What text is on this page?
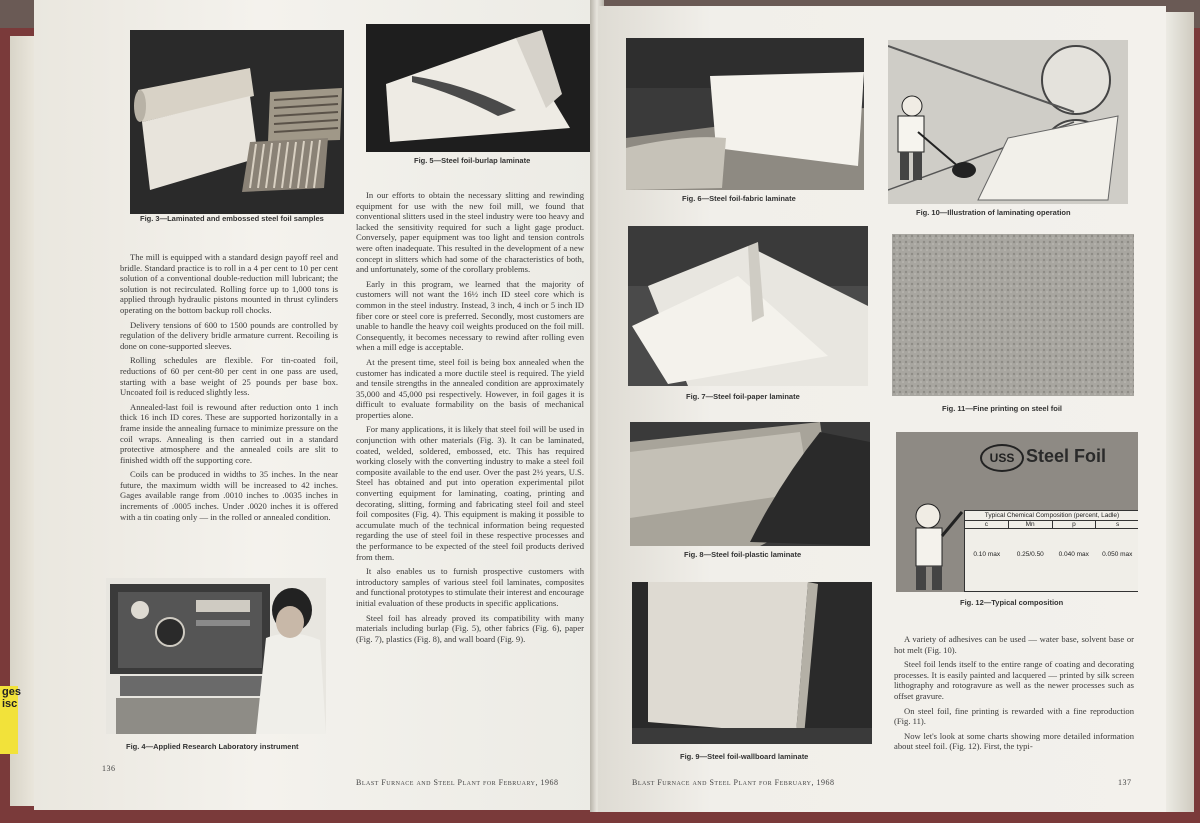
Fig. 3—Laminated and embossed steel foil samples
Fig. 5—Steel foil-burlap laminate

The mill is equipped with a standard design payoff reel and bridle. Standard practice is to roll in a 4 per cent to 10 per cent solution of a conventional double-reduction mill lubricant; the solution is not recirculated. Rolling force up to 1,000 tons is applied through hydraulic pistons mounted in thrust cylinders operating on the bottom backup roll chocks.

Delivery tensions of 600 to 1500 pounds are controlled by regulation of the delivery bridle armature current. Recoiling is done on cone-supported sleeves.

Rolling schedules are flexible. For tin-coated foil, reductions of 60 per cent-80 per cent in one pass are used, starting with a base weight of 25 pounds per base box. Uncoated foil is reduced slightly less.

Annealed-last foil is rewound after reduction onto 1 inch thick 16 inch ID cores. These are supported horizontally in a frame inside the annealing furnace to minimize pressure on the coil wraps. Annealing is then carried out in a standard protective atmosphere and the annealed coils are slit to finished width off the supporting core.

Coils can be produced in widths to 35 inches. In the near future, the maximum width will be increased to 42 inches. Gages available range from .0010 inches to .0035 inches in increments of .0005 inches. Under .0020 inches it is offered with a tin coating only — in the rolled or annealed condition.

Fig. 4—Applied Research Laboratory instrument

In our efforts to obtain the necessary slitting and rewinding equipment for use with the new foil mill, we found that conventional slitters used in the steel industry were too heavy and lacked the sensitivity required for such a light gage product. Conversely, paper equipment was too light and tension controls were often inadequate. This resulted in the development of a new concept in slitters which had some of the characteristics of both, and unfortunately, some of the corollary problems.

Early in this program, we learned that the majority of customers will not want the 16½ inch ID steel core which is common in the steel industry. Instead, 3 inch, 4 inch or 5 inch ID fiber core or steel core is preferred. Secondly, most customers are unable to handle the heavy coil weights produced on the foil mill. Consequently, it becomes necessary to rewind after rolling even when a mill edge is acceptable.

At the present time, steel foil is being box annealed when the customer has indicated a more ductile steel is required. The yield and tensile strengths in the annealed condition are approximately 35,000 and 45,000 psi respectively. However, in foil gages it is difficult to evaluate formability on the basis of mechanical properties alone.

For many applications, it is likely that steel foil will be used in conjunction with other materials (Fig. 3). It can be laminated, coated, welded, soldered, embossed, etc. This has required working closely with the converting industry to make a steel foil composite available to the end user. Over the past 2½ years, U.S. Steel has obtained and put into operation experimental pilot converting equipment for laminating, coating, printing and decorating, slitting, forming and fabricating steel foil and steel foil composites (Fig. 4). This equipment is making it possible to accumulate much of the technical information being requested regarding the use of steel foil in these respective processes and the performance to be expected of the steel foil products derived from them.

It also enables us to furnish prospective customers with introductory samples of various steel foil laminates, composites and functional prototypes to stimulate their interest and encourage initial evaluation of these products in specific applications.

Steel foil has already proved its compatibility with many materials including burlap (Fig. 5), other fabrics (Fig. 6), paper (Fig. 7), plastics (Fig. 8), and wall board (Fig. 9).

136
Blast Furnace and Steel Plant for February, 1968
Fig. 6—Steel foil-fabric laminate
Fig. 10—Illustration of laminating operation
Fig. 7—Steel foil-paper laminate
Fig. 11—Fine printing on steel foil
Fig. 8—Steel foil-plastic laminate
USS Steel Foil
Typical Chemical Composition (percent, Ladle)
c	Mn	p	s
0.10 max	0.25/0.50	0.040 max	0.050 max
Fig. 12—Typical composition
Fig. 9—Steel foil-wallboard laminate

A variety of adhesives can be used — water base, solvent base or hot melt (Fig. 10).

Steel foil lends itself to the entire range of coating and decorating processes. It is easily painted and lacquered — printed by silk screen lithography and rotogravure as well as the newer processes such as offset gravure.

On steel foil, fine printing is rewarded with a fine reproduction (Fig. 11).

Now let's look at some charts showing more detailed information about steel foil. (Fig. 12). First, the typi-

Blast Furnace and Steel Plant for February, 1968	137
ges
isc
